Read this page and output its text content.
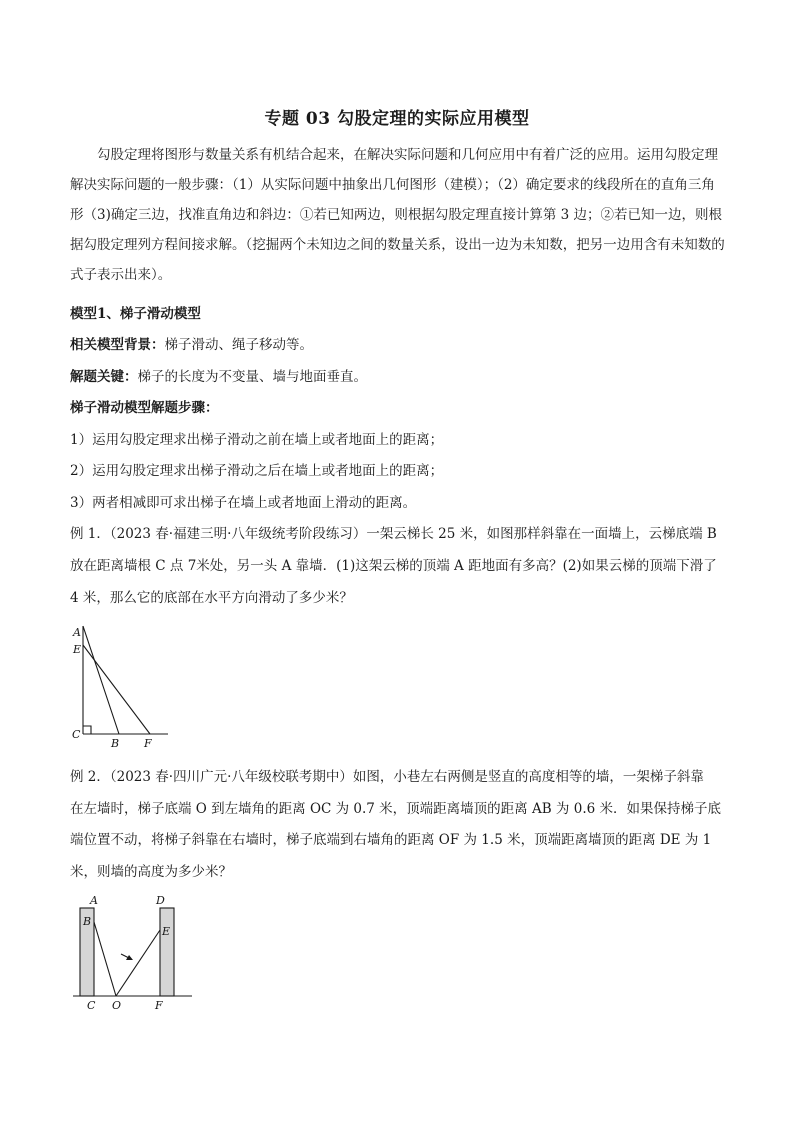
专题 03 勾股定理的实际应用模型
勾股定理将图形与数量关系有机结合起来，在解决实际问题和几何应用中有着广泛的应用。运用勾股定理解决实际问题的一般步骤：（1）从实际问题中抽象出几何图形（建模）；（2）确定要求的线段所在的直角三角形（3)确定三边，找准直角边和斜边：①若已知两边，则根据勾股定理直接计算第 3 边；②若已知一边，则根据勾股定理列方程间接求解。（挖掘两个未知边之间的数量关系，设出一边为未知数，把另一边用含有未知数的式子表示出来）。
模型1、梯子滑动模型
相关模型背景：梯子滑动、绳子移动等。
解题关键：梯子的长度为不变量、墙与地面垂直。
梯子滑动模型解题步骤：
1）运用勾股定理求出梯子滑动之前在墙上或者地面上的距离；
2）运用勾股定理求出梯子滑动之后在墙上或者地面上的距离；
3）两者相减即可求出梯子在墙上或者地面上滑动的距离。
例 1．（2023 春·福建三明·八年级统考阶段练习）一架云梯长 25 米，如图那样斜靠在一面墙上，云梯底端 B
放在距离墙根 C 点 7米处，另一头 A 靠墙．(1)这架云梯的顶端 A 距地面有多高？(2)如果云梯的顶端下滑了
4 米，那么它的底部在水平方向滑动了多少米？
A
E
C
B F
例 2．（2023 春·四川广元·八年级校联考期中）如图，小巷左右两侧是竖直的高度相等的墙，一架梯子斜靠
在左墙时，梯子底端 O 到左墙角的距离 OC 为 0.7 米，顶端距离墙顶的距离 AB 为 0.6 米．如果保持梯子底
端位置不动，将梯子斜靠在右墙时，梯子底端到右墙角的距离 OF 为 1.5 米，顶端距离墙顶的距离 DE 为 1
米，则墙的高度为多少米？
A
B
C O
D
E
F
